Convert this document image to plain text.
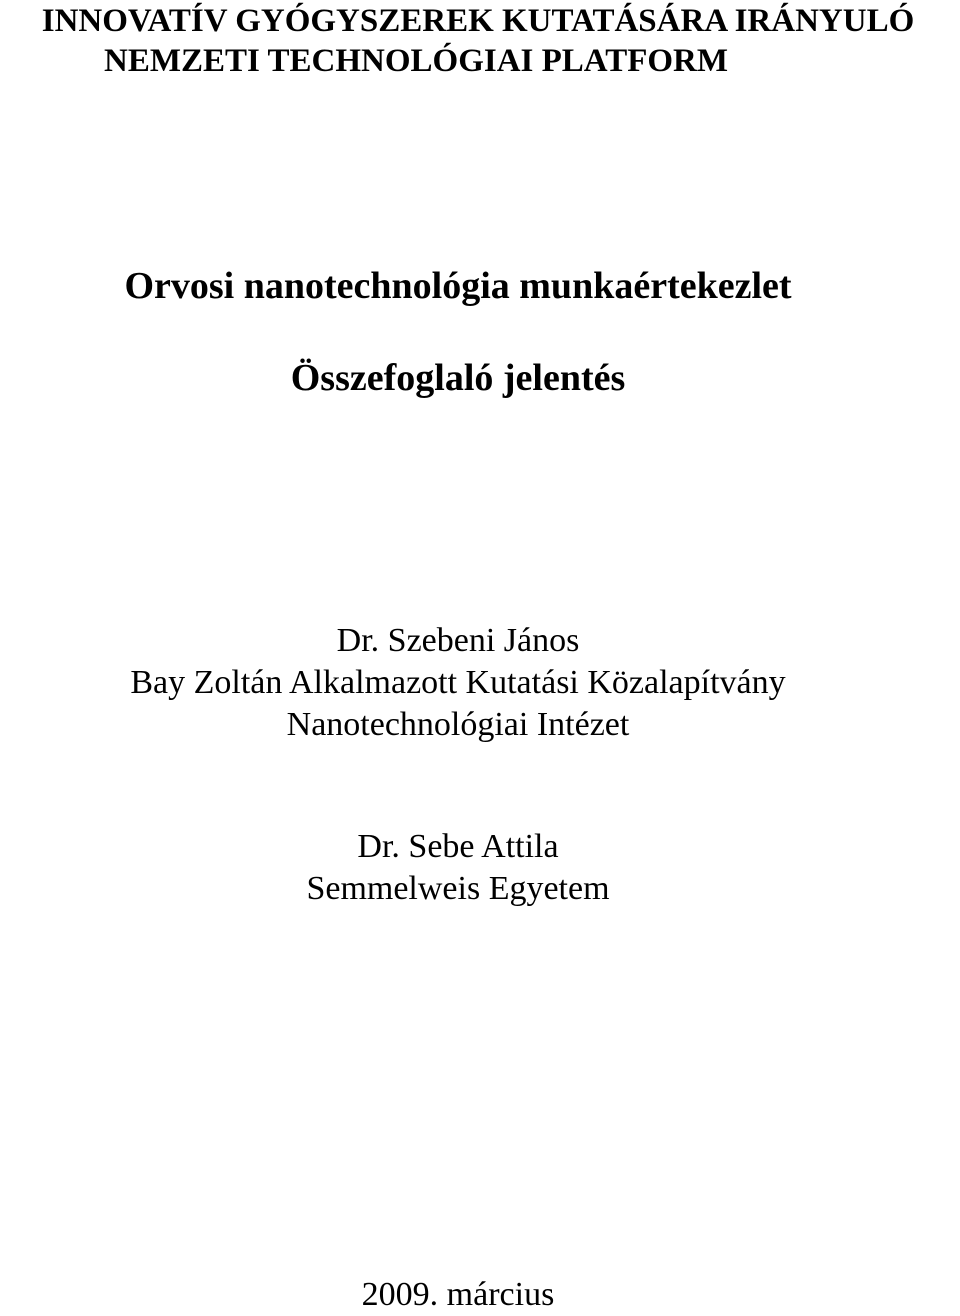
INNOVATÍV GYÓGYSZEREK KUTATÁSÁRA IRÁNYULÓ
NEMZETI TECHNOLÓGIAI PLATFORM
Orvosi nanotechnológia munkaértekezlet
Összefoglaló jelentés
Dr. Szebeni János
Bay Zoltán Alkalmazott Kutatási Közalapítvány
Nanotechnológiai Intézet
Dr. Sebe Attila
Semmelweis Egyetem
2009. március
